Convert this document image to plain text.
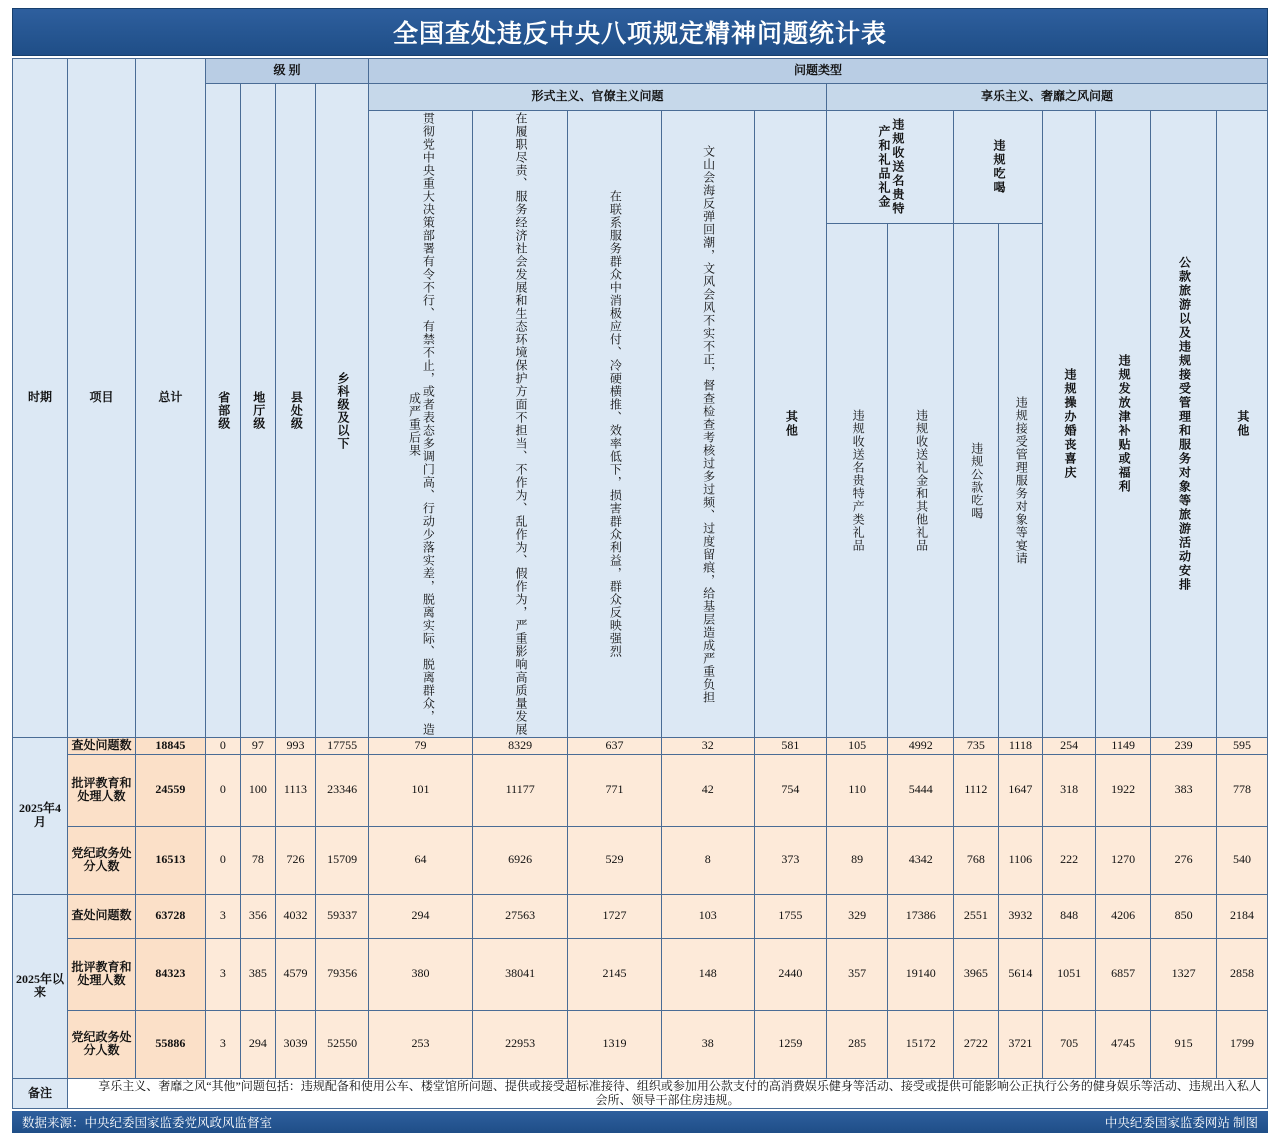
全国查处违反中央八项规定精神问题统计表
时期	项目	总计	级 别				问题类型												

			省部级	地厅级	县处级	乡科级及以下	形式主义、官僚主义问题					享乐主义、奢靡之风问题							
							贯彻党中央重大决策部署有令不行、有禁不止，或者表态多调门高、行动少落实差，脱离实际、脱离群众，造成严重后果	在履职尽责、服务经济社会发展和生态环境保护方面不担当、不作为、乱作为、假作为，严重影响高质量发展	在联系服务群众中消极应付、冷硬横推、效率低下，损害群众利益，群众反映强烈	文山会海反弹回潮，文风会风不实不正，督查检查考核过多过频、过度留痕，给基层造成严重负担	其他	违规收送名贵特产和礼品礼金		违规吃喝		违规操办婚丧喜庆	违规发放津补贴或福利	公款旅游以及违规接受管理和服务对象等旅游活动安排	其他
												违规收送名贵特产类礼品	违规收送礼金和其他礼品	违规公款吃喝	违规接受管理服务对象等宴请				
2025年4月	查处问题数	18845	0	97	993	17755	79	8329	637	32	581	105	4992	735	1118	254	1149	239	595
	批评教育和处理人数	24559	0	100	1113	23346	101	11177	771	42	754	110	5444	1112	1647	318	1922	383	778
	党纪政务处分人数	16513	0	78	726	15709	64	6926	529	8	373	89	4342	768	1106	222	1270	276	540
2025年以来	查处问题数	63728	3	356	4032	59337	294	27563	1727	103	1755	329	17386	2551	3932	848	4206	850	2184
	批评教育和处理人数	84323	3	385	4579	79356	380	38041	2145	148	2440	357	19140	3965	5614	1051	6857	1327	2858
	党纪政务处分人数	55886	3	294	3039	52550	253	22953	1319	38	1259	285	15172	2722	3721	705	4745	915	1799
备注	享乐主义、奢靡之风“其他”问题包括：违规配备和使用公车、楼堂馆所问题、提供或接受超标准接待、组织或参加用公款支付的高消费娱乐健身等活动、接受或提供可能影响公正执行公务的健身娱乐等活动、违规出入私人会所、领导干部住房违规。																		
数据来源：中央纪委国家监委党风政风监督室	中央纪委国家监委网站 制图
